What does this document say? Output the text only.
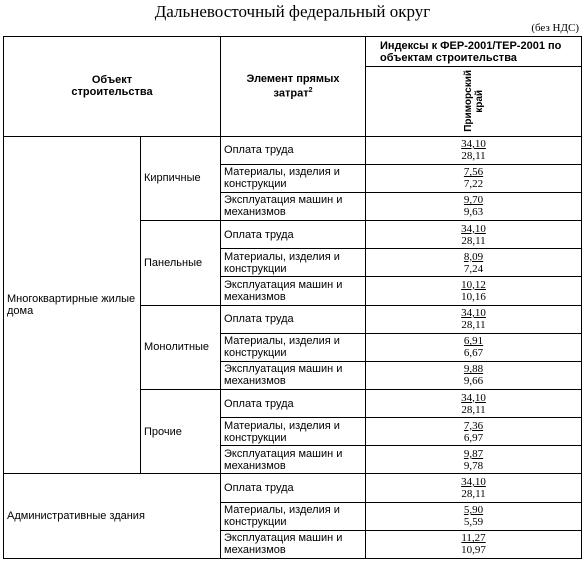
Дальневосточный федеральный округ
(без НДС)
Объект
строительства		Элемент прямых
затрат$^2$	Индексы к ФЕР-2001/ТЕР-2001 по объектам строительства

			Приморский
край

Многоквартирные жилые дома	Кирпичные	Оплата труда	34,10
28,11

		Материалы, изделия и конструкции	7,56
7,22

		Эксплуатация машин и механизмов	9,70
9,63

	Панельные	Оплата труда	34,10
28,11

		Материалы, изделия и конструкции	8,09
7,24

		Эксплуатация машин и механизмов	10,12
10,16

	Монолитные	Оплата труда	34,10
28,11

		Материалы, изделия и конструкции	6,91
6,67

		Эксплуатация машин и механизмов	9,88
9,66

	Прочие	Оплата труда	34,10
28,11

		Материалы, изделия и конструкции	7,36
6,97

		Эксплуатация машин и механизмов	9,87
9,78

Административные здания		Оплата труда	34,10
28,11

		Материалы, изделия и конструкции	5,90
5,59

		Эксплуатация машин и механизмов	11,27
10,97
